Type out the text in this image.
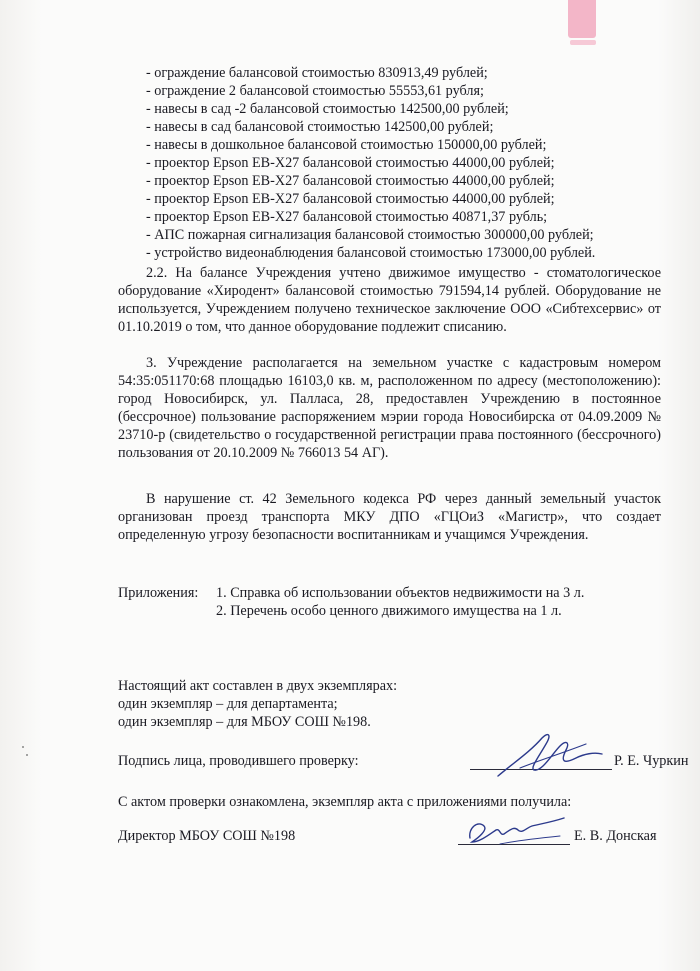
- ограждение балансовой стоимостью 830913,49 рублей;
- ограждение 2 балансовой стоимостью 55553,61 рубля;
- навесы в сад -2 балансовой стоимостью 142500,00 рублей;
- навесы в сад балансовой стоимостью 142500,00 рублей;
- навесы в дошкольное балансовой стоимостью 150000,00 рублей;
- проектор Epson EB-X27 балансовой стоимостью 44000,00 рублей;
- проектор Epson EB-X27 балансовой стоимостью 44000,00 рублей;
- проектор Epson EB-X27 балансовой стоимостью 44000,00 рублей;
- проектор Epson EB-X27 балансовой стоимостью 40871,37 рубль;
- АПС пожарная сигнализация балансовой стоимостью 300000,00 рублей;
- устройство видеонаблюдения балансовой стоимостью 173000,00 рублей.
2.2. На балансе Учреждения учтено движимое имущество - стоматологическое оборудование «Хиродент» балансовой стоимостью 791594,14 рублей. Оборудование не используется, Учреждением получено техническое заключение ООО «Сибтехсервис» от 01.10.2019 о том, что данное оборудование подлежит списанию.
3. Учреждение располагается на земельном участке с кадастровым номером 54:35:051170:68 площадью 16103,0 кв. м, расположенном по адресу (местоположению): город Новосибирск, ул. Палласа, 28, предоставлен Учреждению в постоянное (бессрочное) пользование распоряжением мэрии города Новосибирска от 04.09.2009 № 23710-р (свидетельство о государственной регистрации права постоянного (бессрочного) пользования от 20.10.2009 № 766013 54 АГ).
В нарушение ст. 42 Земельного кодекса РФ через данный земельный участок организован проезд транспорта МКУ ДПО «ГЦОиЗ «Магистр», что создает определенную угрозу безопасности воспитанникам и учащимся Учреждения.
Приложения: 1. Справка об использовании объектов недвижимости на 3 л.
2. Перечень особо ценного движимого имущества на 1 л.
Настоящий акт составлен в двух экземплярах:
один экземпляр – для департамента;
один экземпляр – для МБОУ СОШ №198.
Подпись лица, проводившего проверку:	Р. Е. Чуркин
С актом проверки ознакомлена, экземпляр акта с приложениями получила:
Директор МБОУ СОШ №198	Е. В. Донская
